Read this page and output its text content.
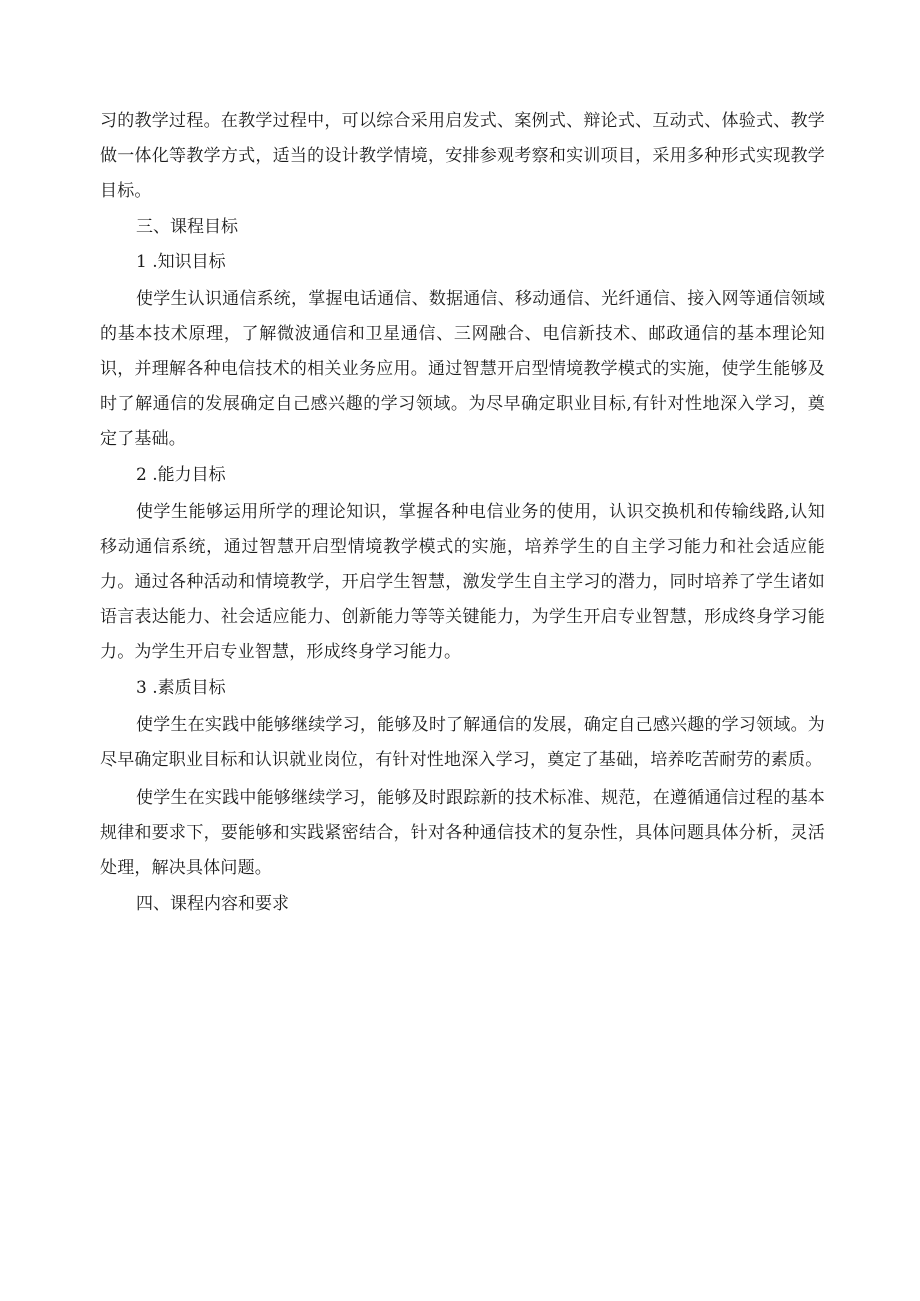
习的教学过程。在教学过程中，可以综合采用启发式、案例式、辩论式、互动式、体验式、教学做一体化等教学方式，适当的设计教学情境，安排参观考察和实训项目，采用多种形式实现教学目标。

三、课程目标
1 .知识目标

使学生认识通信系统，掌握电话通信、数据通信、移动通信、光纤通信、接入网等通信领域的基本技术原理，了解微波通信和卫星通信、三网融合、电信新技术、邮政通信的基本理论知识，并理解各种电信技术的相关业务应用。通过智慧开启型情境教学模式的实施，使学生能够及时了解通信的发展确定自己感兴趣的学习领域。为尽早确定职业目标,有针对性地深入学习，奠定了基础。

2 .能力目标

使学生能够运用所学的理论知识，掌握各种电信业务的使用，认识交换机和传输线路,认知移动通信系统，通过智慧开启型情境教学模式的实施，培养学生的自主学习能力和社会适应能力。通过各种活动和情境教学，开启学生智慧，激发学生自主学习的潜力，同时培养了学生诸如语言表达能力、社会适应能力、创新能力等等关键能力，为学生开启专业智慧，形成终身学习能力。为学生开启专业智慧，形成终身学习能力。

3 .素质目标

使学生在实践中能够继续学习，能够及时了解通信的发展，确定自己感兴趣的学习领域。为尽早确定职业目标和认识就业岗位，有针对性地深入学习，奠定了基础，培养吃苦耐劳的素质。

使学生在实践中能够继续学习，能够及时跟踪新的技术标准、规范，在遵循通信过程的基本规律和要求下，要能够和实践紧密结合，针对各种通信技术的复杂性，具体问题具体分析，灵活处理，解决具体问题。

四、课程内容和要求
